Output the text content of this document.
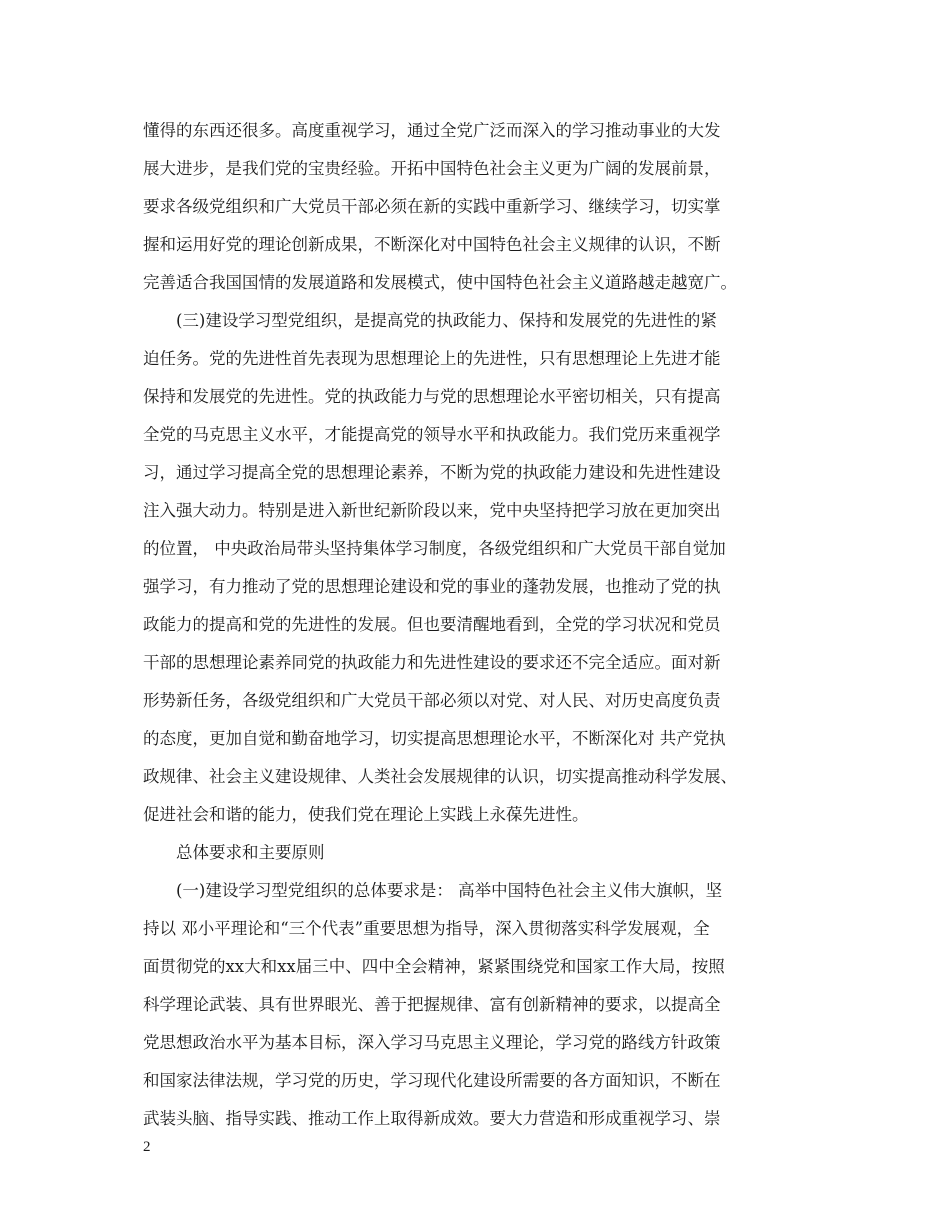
懂得的东西还很多。高度重视学习，通过全党广泛而深入的学习推动事业的大发
展大进步，是我们党的宝贵经验。开拓中国特色社会主义更为广阔的发展前景，
要求各级党组织和广大党员干部必须在新的实践中重新学习、继续学习，切实掌
握和运用好党的理论创新成果，不断深化对中国特色社会主义规律的认识，不断
完善适合我国国情的发展道路和发展模式，使中国特色社会主义道路越走越宽广。
(三)建设学习型党组织，是提高党的执政能力、保持和发展党的先进性的紧
迫任务。党的先进性首先表现为思想理论上的先进性，只有思想理论上先进才能
保持和发展党的先进性。党的执政能力与党的思想理论水平密切相关，只有提高
全党的马克思主义水平，才能提高党的领导水平和执政能力。我们党历来重视学
习，通过学习提高全党的思想理论素养，不断为党的执政能力建设和先进性建设
注入强大动力。特别是进入新世纪新阶段以来，党中央坚持把学习放在更加突出
的位置， 中央政治局带头坚持集体学习制度，各级党组织和广大党员干部自觉加
强学习，有力推动了党的思想理论建设和党的事业的蓬勃发展，也推动了党的执
政能力的提高和党的先进性的发展。但也要清醒地看到，全党的学习状况和党员
干部的思想理论素养同党的执政能力和先进性建设的要求还不完全适应。面对新
形势新任务，各级党组织和广大党员干部必须以对党、对人民、对历史高度负责
的态度，更加自觉和勤奋地学习，切实提高思想理论水平，不断深化对 共产党执
政规律、社会主义建设规律、人类社会发展规律的认识，切实提高推动科学发展、
促进社会和谐的能力，使我们党在理论上实践上永葆先进性。
总体要求和主要原则
(一)建设学习型党组织的总体要求是： 高举中国特色社会主义伟大旗帜，坚
持以 邓小平理论和“三个代表”重要思想为指导，深入贯彻落实科学发展观，全
面贯彻党的xx大和xx届三中、四中全会精神，紧紧围绕党和国家工作大局，按照
科学理论武装、具有世界眼光、善于把握规律、富有创新精神的要求，以提高全
党思想政治水平为基本目标，深入学习马克思主义理论，学习党的路线方针政策
和国家法律法规，学习党的历史，学习现代化建设所需要的各方面知识，不断在
武装头脑、指导实践、推动工作上取得新成效。要大力营造和形成重视学习、崇
2
